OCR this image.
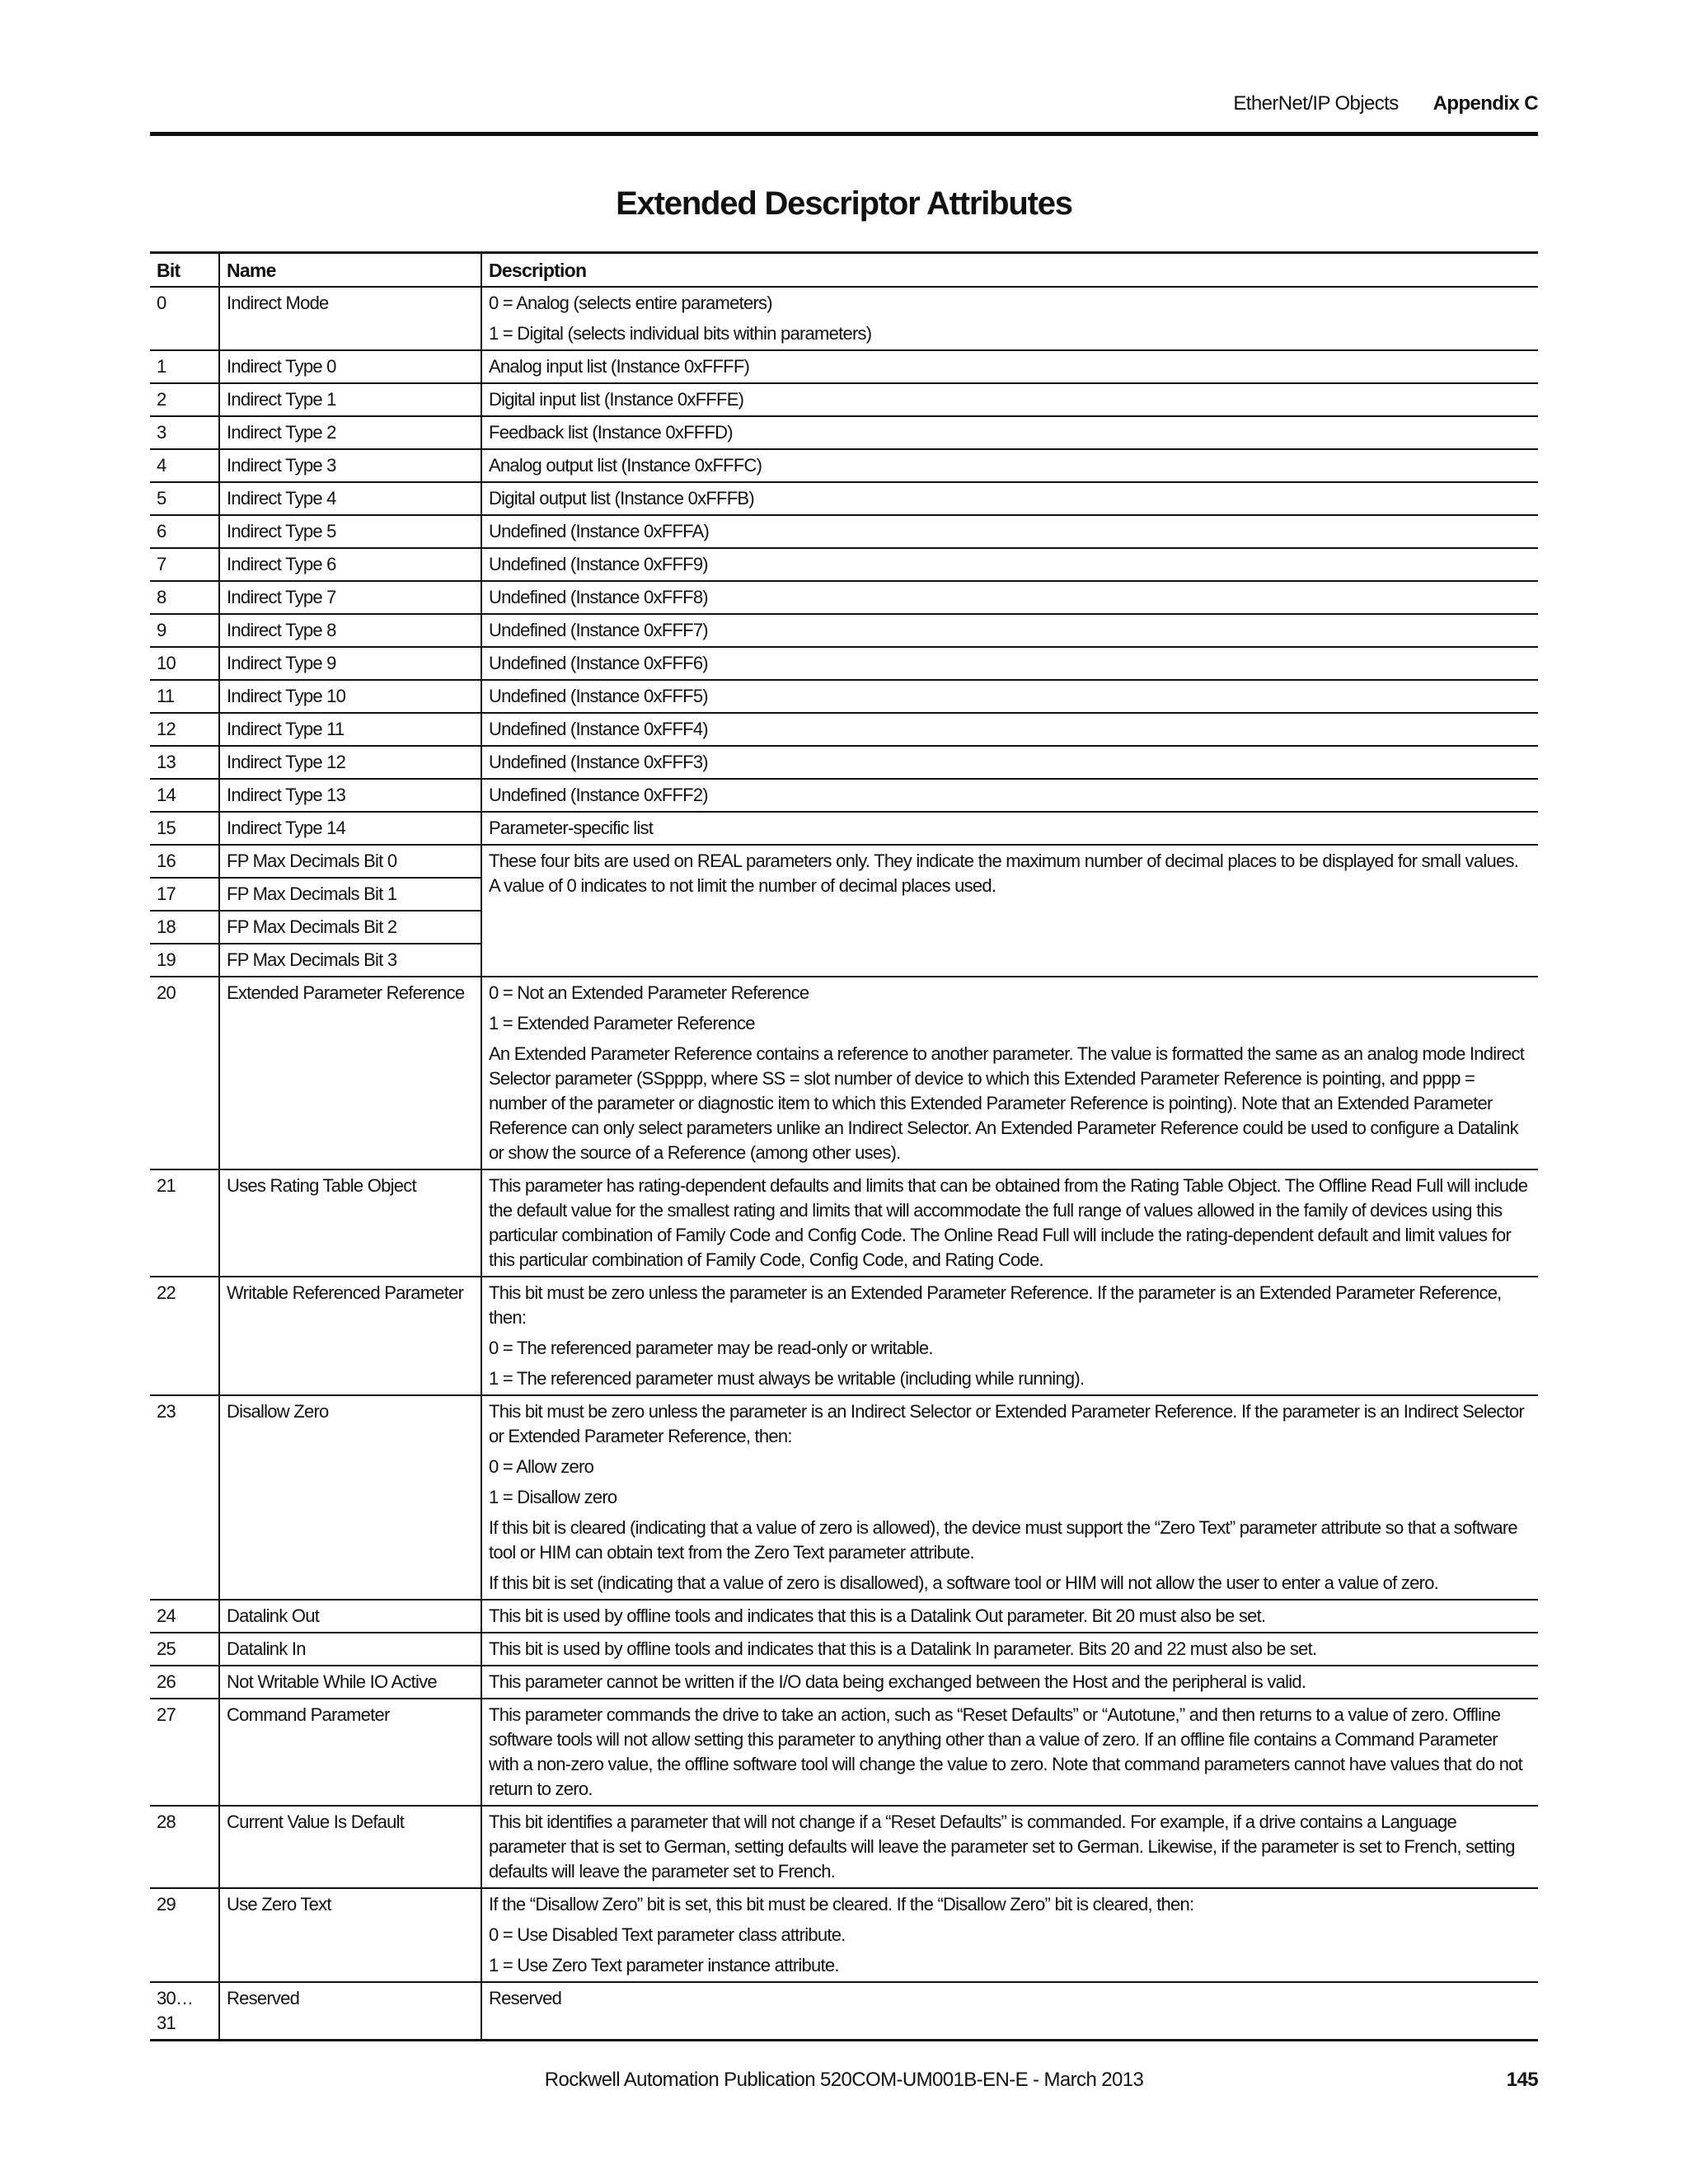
EtherNet/IP Objects Appendix C
Extended Descriptor Attributes
Bit	Name	Description
0	Indirect Mode	0 = Analog (selects entire parameters)
1 = Digital (selects individual bits within parameters)

1	Indirect Type 0	Analog input list (Instance 0xFFFF)

2	Indirect Type 1	Digital input list (Instance 0xFFFE)

3	Indirect Type 2	Feedback list (Instance 0xFFFD)

4	Indirect Type 3	Analog output list (Instance 0xFFFC)

5	Indirect Type 4	Digital output list (Instance 0xFFFB)

6	Indirect Type 5	Undefined (Instance 0xFFFA)

7	Indirect Type 6	Undefined (Instance 0xFFF9)

8	Indirect Type 7	Undefined (Instance 0xFFF8)

9	Indirect Type 8	Undefined (Instance 0xFFF7)

10	Indirect Type 9	Undefined (Instance 0xFFF6)

11	Indirect Type 10	Undefined (Instance 0xFFF5)

12	Indirect Type 11	Undefined (Instance 0xFFF4)

13	Indirect Type 12	Undefined (Instance 0xFFF3)

14	Indirect Type 13	Undefined (Instance 0xFFF2)

15	Indirect Type 14	Parameter-specific list

16	FP Max Decimals Bit 0	These four bits are used on REAL parameters only. They indicate the maximum number of decimal places to be displayed for small values. A value of 0 indicates to not limit the number of decimal places used.

17	FP Max Decimals Bit 1	
18	FP Max Decimals Bit 2	
19	FP Max Decimals Bit 3	
20	Extended Parameter Reference	0 = Not an Extended Parameter Reference
1 = Extended Parameter Reference
An Extended Parameter Reference contains a reference to another parameter. The value is formatted the same as an analog mode Indirect Selector parameter (SSpppp, where SS = slot number of device to which this Extended Parameter Reference is pointing, and pppp = number of the parameter or diagnostic item to which this Extended Parameter Reference is pointing). Note that an Extended Parameter Reference can only select parameters unlike an Indirect Selector. An Extended Parameter Reference could be used to configure a Datalink or show the source of a Reference (among other uses).

21	Uses Rating Table Object	This parameter has rating-dependent defaults and limits that can be obtained from the Rating Table Object. The Offline Read Full will include the default value for the smallest rating and limits that will accommodate the full range of values allowed in the family of devices using this particular combination of Family Code and Config Code. The Online Read Full will include the rating-dependent default and limit values for this particular combination of Family Code, Config Code, and Rating Code.

22	Writable Referenced Parameter	This bit must be zero unless the parameter is an Extended Parameter Reference. If the parameter is an Extended Parameter Reference, then:
0 = The referenced parameter may be read-only or writable.
1 = The referenced parameter must always be writable (including while running).

23	Disallow Zero	This bit must be zero unless the parameter is an Indirect Selector or Extended Parameter Reference. If the parameter is an Indirect Selector or Extended Parameter Reference, then:
0 = Allow zero
1 = Disallow zero
If this bit is cleared (indicating that a value of zero is allowed), the device must support the “Zero Text” parameter attribute so that a software tool or HIM can obtain text from the Zero Text parameter attribute.
If this bit is set (indicating that a value of zero is disallowed), a software tool or HIM will not allow the user to enter a value of zero.

24	Datalink Out	This bit is used by offline tools and indicates that this is a Datalink Out parameter. Bit 20 must also be set.

25	Datalink In	This bit is used by offline tools and indicates that this is a Datalink In parameter. Bits 20 and 22 must also be set.

26	Not Writable While IO Active	This parameter cannot be written if the I/O data being exchanged between the Host and the peripheral is valid.

27	Command Parameter	This parameter commands the drive to take an action, such as “Reset Defaults” or “Autotune,” and then returns to a value of zero. Offline software tools will not allow setting this parameter to anything other than a value of zero. If an offline file contains a Command Parameter with a non-zero value, the offline software tool will change the value to zero. Note that command parameters cannot have values that do not return to zero.

28	Current Value Is Default	This bit identifies a parameter that will not change if a “Reset Defaults” is commanded. For example, if a drive contains a Language parameter that is set to German, setting defaults will leave the parameter set to German. Likewise, if the parameter is set to French, setting defaults will leave the parameter set to French.

29	Use Zero Text	If the “Disallow Zero” bit is set, this bit must be cleared. If the “Disallow Zero” bit is cleared, then:
0 = Use Disabled Text parameter class attribute.
1 = Use Zero Text parameter instance attribute.

30…31	Reserved	Reserved
Rockwell Automation Publication 520COM-UM001B-EN-E - March 2013	145
